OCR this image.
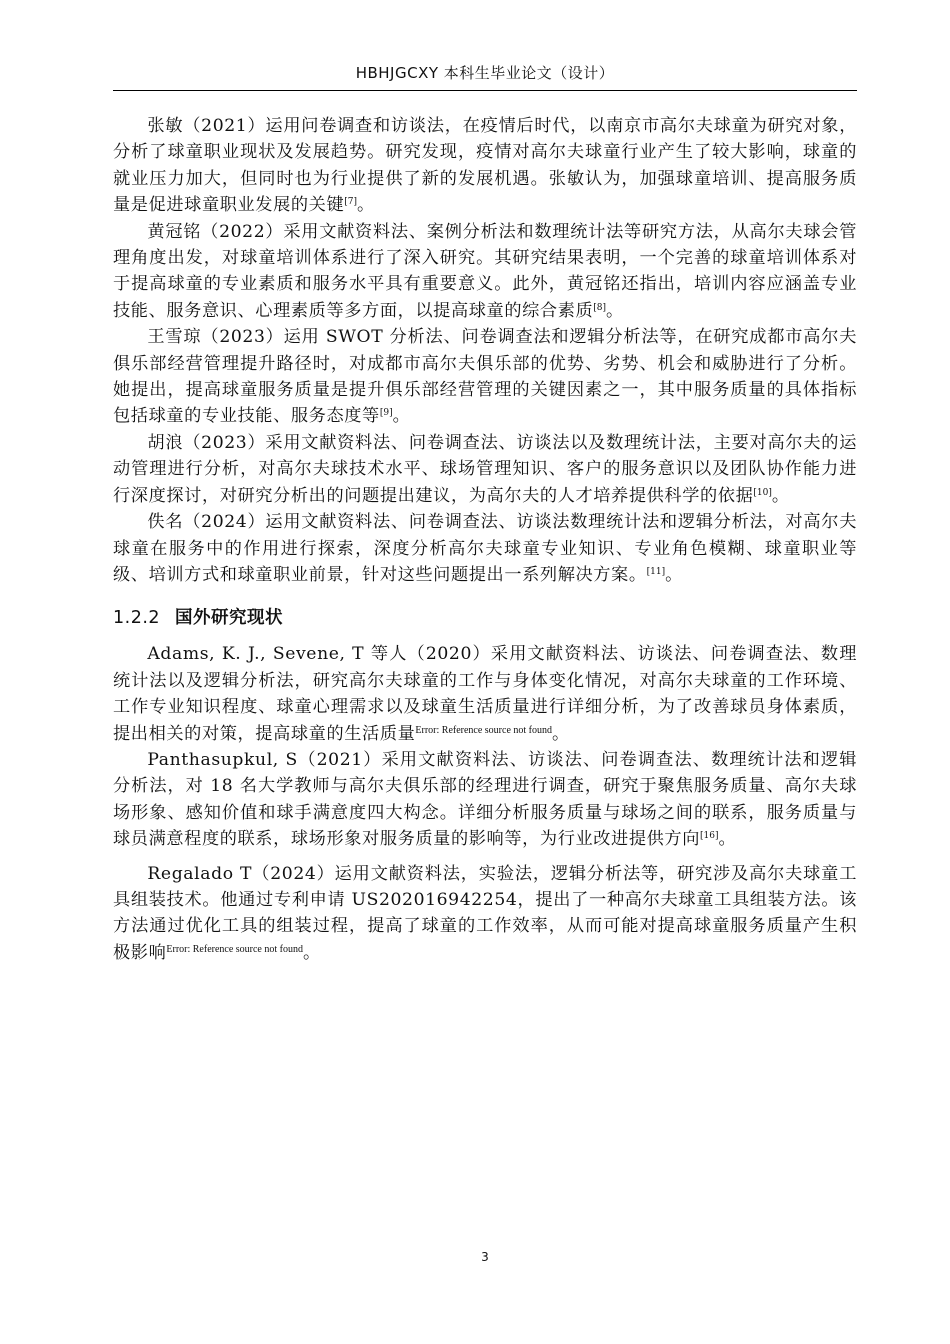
HBHJGCXY 本科生毕业论文（设计）

张敏（2021）运用问卷调查和访谈法，在疫情后时代，以南京市高尔夫球童为研究对象，分析了球童职业现状及发展趋势。研究发现，疫情对高尔夫球童行业产生了较大影响，球童的就业压力加大，但同时也为行业提供了新的发展机遇。张敏认为，加强球童培训、提高服务质量是促进球童职业发展的关键[7]。

黄冠铭（2022）采用文献资料法、案例分析法和数理统计法等研究方法，从高尔夫球会管理角度出发，对球童培训体系进行了深入研究。其研究结果表明，一个完善的球童培训体系对于提高球童的专业素质和服务水平具有重要意义。此外，黄冠铭还指出，培训内容应涵盖专业技能、服务意识、心理素质等多方面，以提高球童的综合素质[8]。

王雪琼（2023）运用 SWOT 分析法、问卷调查法和逻辑分析法等，在研究成都市高尔夫俱乐部经营管理提升路径时，对成都市高尔夫俱乐部的优势、劣势、机会和威胁进行了分析。她提出，提高球童服务质量是提升俱乐部经营管理的关键因素之一，其中服务质量的具体指标包括球童的专业技能、服务态度等[9]。

胡浪（2023）采用文献资料法、问卷调查法、访谈法以及数理统计法，主要对高尔夫的运动管理进行分析，对高尔夫球技术水平、球场管理知识、客户的服务意识以及团队协作能力进行深度探讨，对研究分析出的问题提出建议，为高尔夫的人才培养提供科学的依据[10]。

佚名（2024）运用文献资料法、问卷调查法、访谈法数理统计法和逻辑分析法，对高尔夫球童在服务中的作用进行探索，深度分析高尔夫球童专业知识、专业角色模糊、球童职业等级、培训方式和球童职业前景，针对这些问题提出一系列解决方案。[11]。

1.2.2 国外研究现状

Adams, K. J., Sevene, T 等人（2020）采用文献资料法、访谈法、问卷调查法、数理统计法以及逻辑分析法，研究高尔夫球童的工作与身体变化情况，对高尔夫球童的工作环境、工作专业知识程度、球童心理需求以及球童生活质量进行详细分析，为了改善球员身体素质，提出相关的对策，提高球童的生活质量$^{Error: Reference source not found}$。

Panthasupkul, S（2021）采用文献资料法、访谈法、问卷调查法、数理统计法和逻辑分析法，对 18 名大学教师与高尔夫俱乐部的经理进行调查，研究于聚焦服务质量、高尔夫球场形象、感知价值和球手满意度四大构念。详细分析服务质量与球场之间的联系，服务质量与球员满意程度的联系，球场形象对服务质量的影响等，为行业改进提供方向[16]。

Regalado T（2024）运用文献资料法，实验法，逻辑分析法等，研究涉及高尔夫球童工具组装技术。他通过专利申请 US202016942254，提出了一种高尔夫球童工具组装方法。该方法通过优化工具的组装过程，提高了球童的工作效率，从而可能对提高球童服务质量产生积极影响$^{Error: Reference source not found}$。

3
